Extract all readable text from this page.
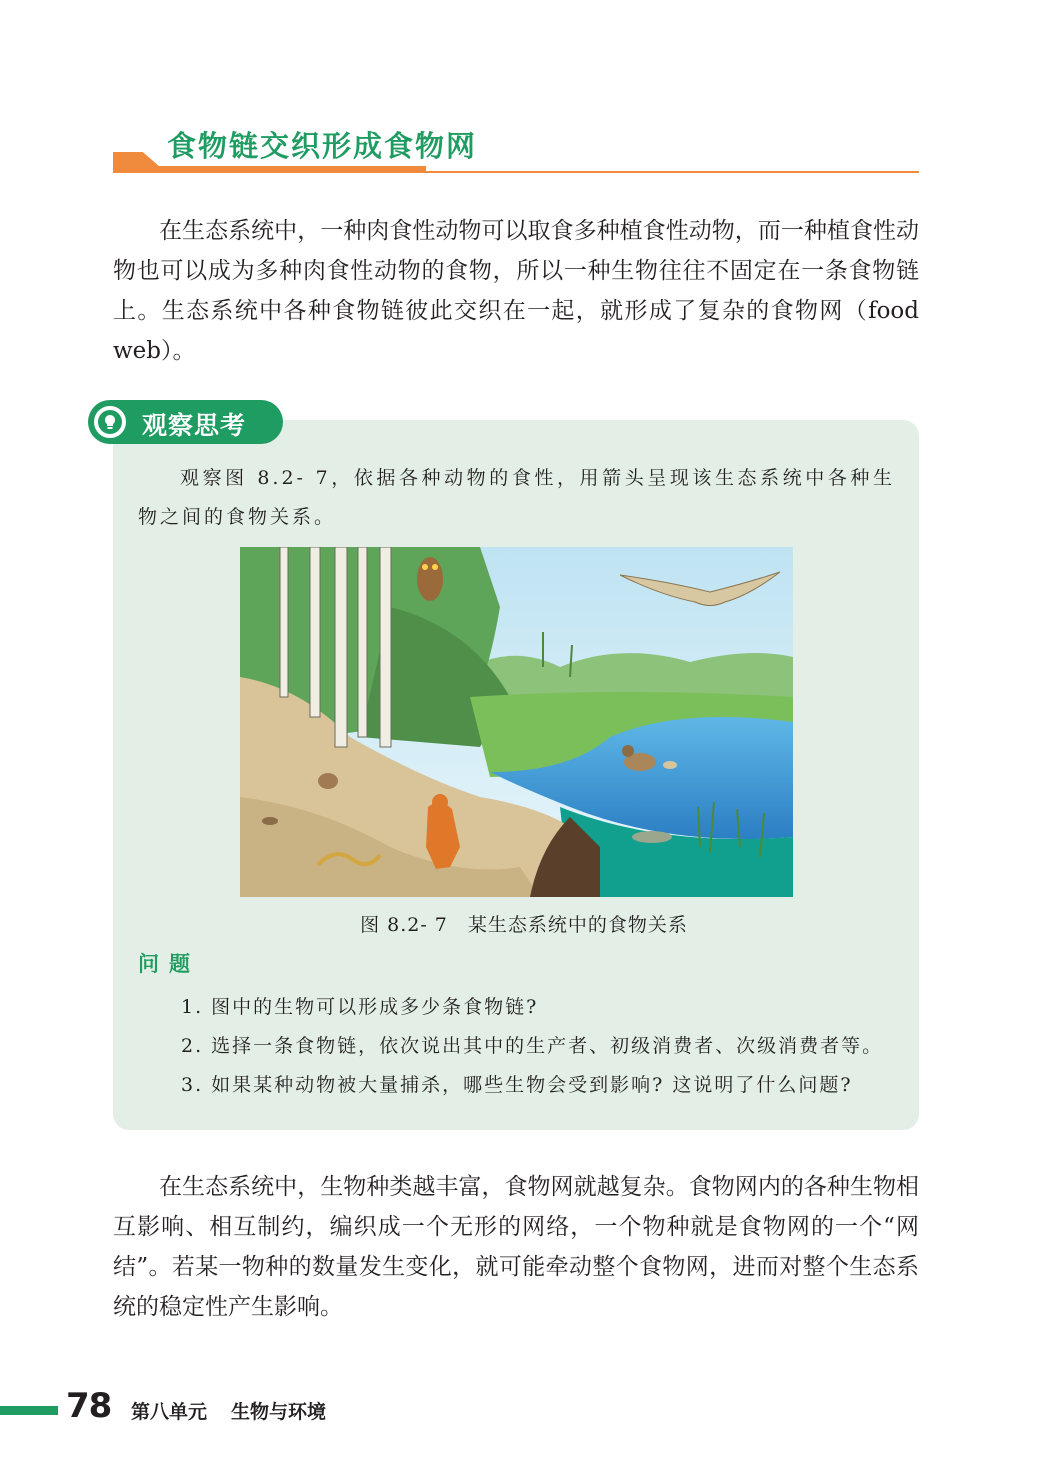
食物链交织形成食物网

在生态系统中，一种肉食性动物可以取食多种植食性动物，而一种植食性动物也可以成为多种肉食性动物的食物，所以一种生物往往不固定在一条食物链上。生态系统中各种食物链彼此交织在一起，就形成了复杂的食物网（food web）。

观察思考

观察图 8.2- 7，依据各种动物的食性，用箭头呈现该生态系统中各种生物之间的食物关系。

图 8.2- 7　某生态系统中的食物关系
问题
1. 图中的生物可以形成多少条食物链?
2. 选择一条食物链，依次说出其中的生产者、初级消费者、次级消费者等。
3. 如果某种动物被大量捕杀，哪些生物会受到影响? 这说明了什么问题?

在生态系统中，生物种类越丰富，食物网就越复杂。食物网内的各种生物相互影响、相互制约，编织成一个无形的网络，一个物种就是食物网的一个“网结”。若某一物种的数量发生变化，就可能牵动整个食物网，进而对整个生态系统的稳定性产生影响。

78 第八单元 生物与环境
